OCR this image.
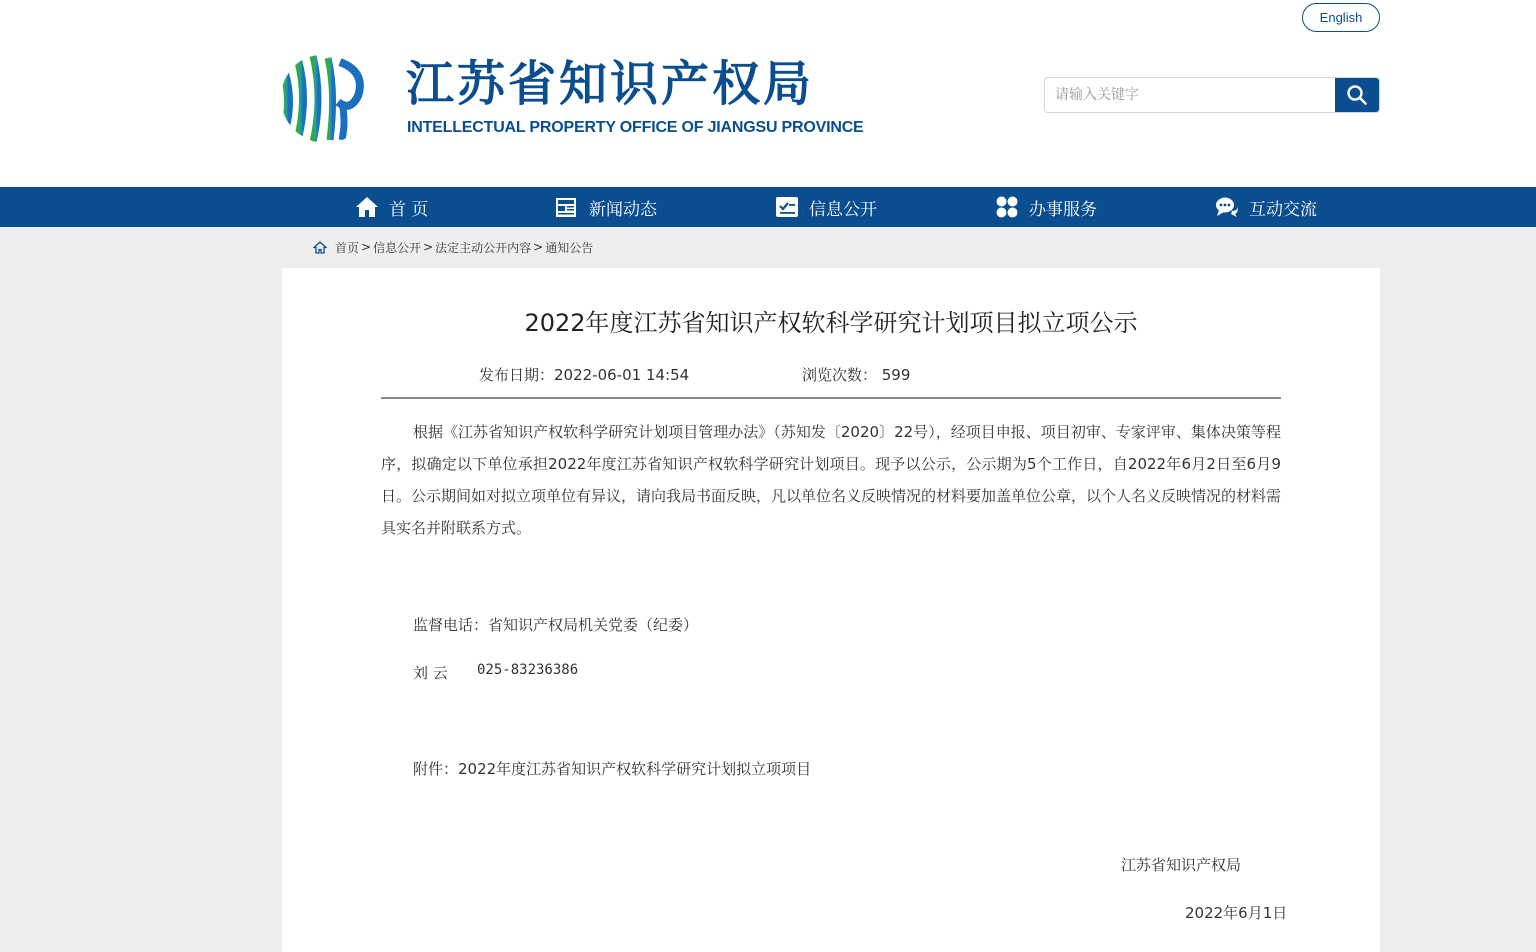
English
江苏省知识产权局
INTELLECTUAL PROPERTY OFFICE OF JIANGSU PROVINCE
请输入关键字
首 页	新闻动态	信息公开	办事服务	互动交流
首页 > 信息公开 > 法定主动公开内容 > 通知公告
2022年度江苏省知识产权软科学研究计划项目拟立项公示
发布日期：2022-06-01 14:54	浏览次数： 599
根据《江苏省知识产权软科学研究计划项目管理办法》（苏知发〔2020〕22号），经项目申报、项目初审、专家评审、集体决策等程序，拟确定以下单位承担2022年度江苏省知识产权软科学研究计划项目。现予以公示，公示期为5个工作日，自2022年6月2日至6月9日。公示期间如对拟立项单位有异议，请向我局书面反映，凡以单位名义反映情况的材料要加盖单位公章，以个人名义反映情况的材料需具实名并附联系方式。
监督电话：省知识产权局机关党委（纪委）
刘 云 025-83236386
附件：2022年度江苏省知识产权软科学研究计划拟立项项目
江苏省知识产权局
2022年6月1日
